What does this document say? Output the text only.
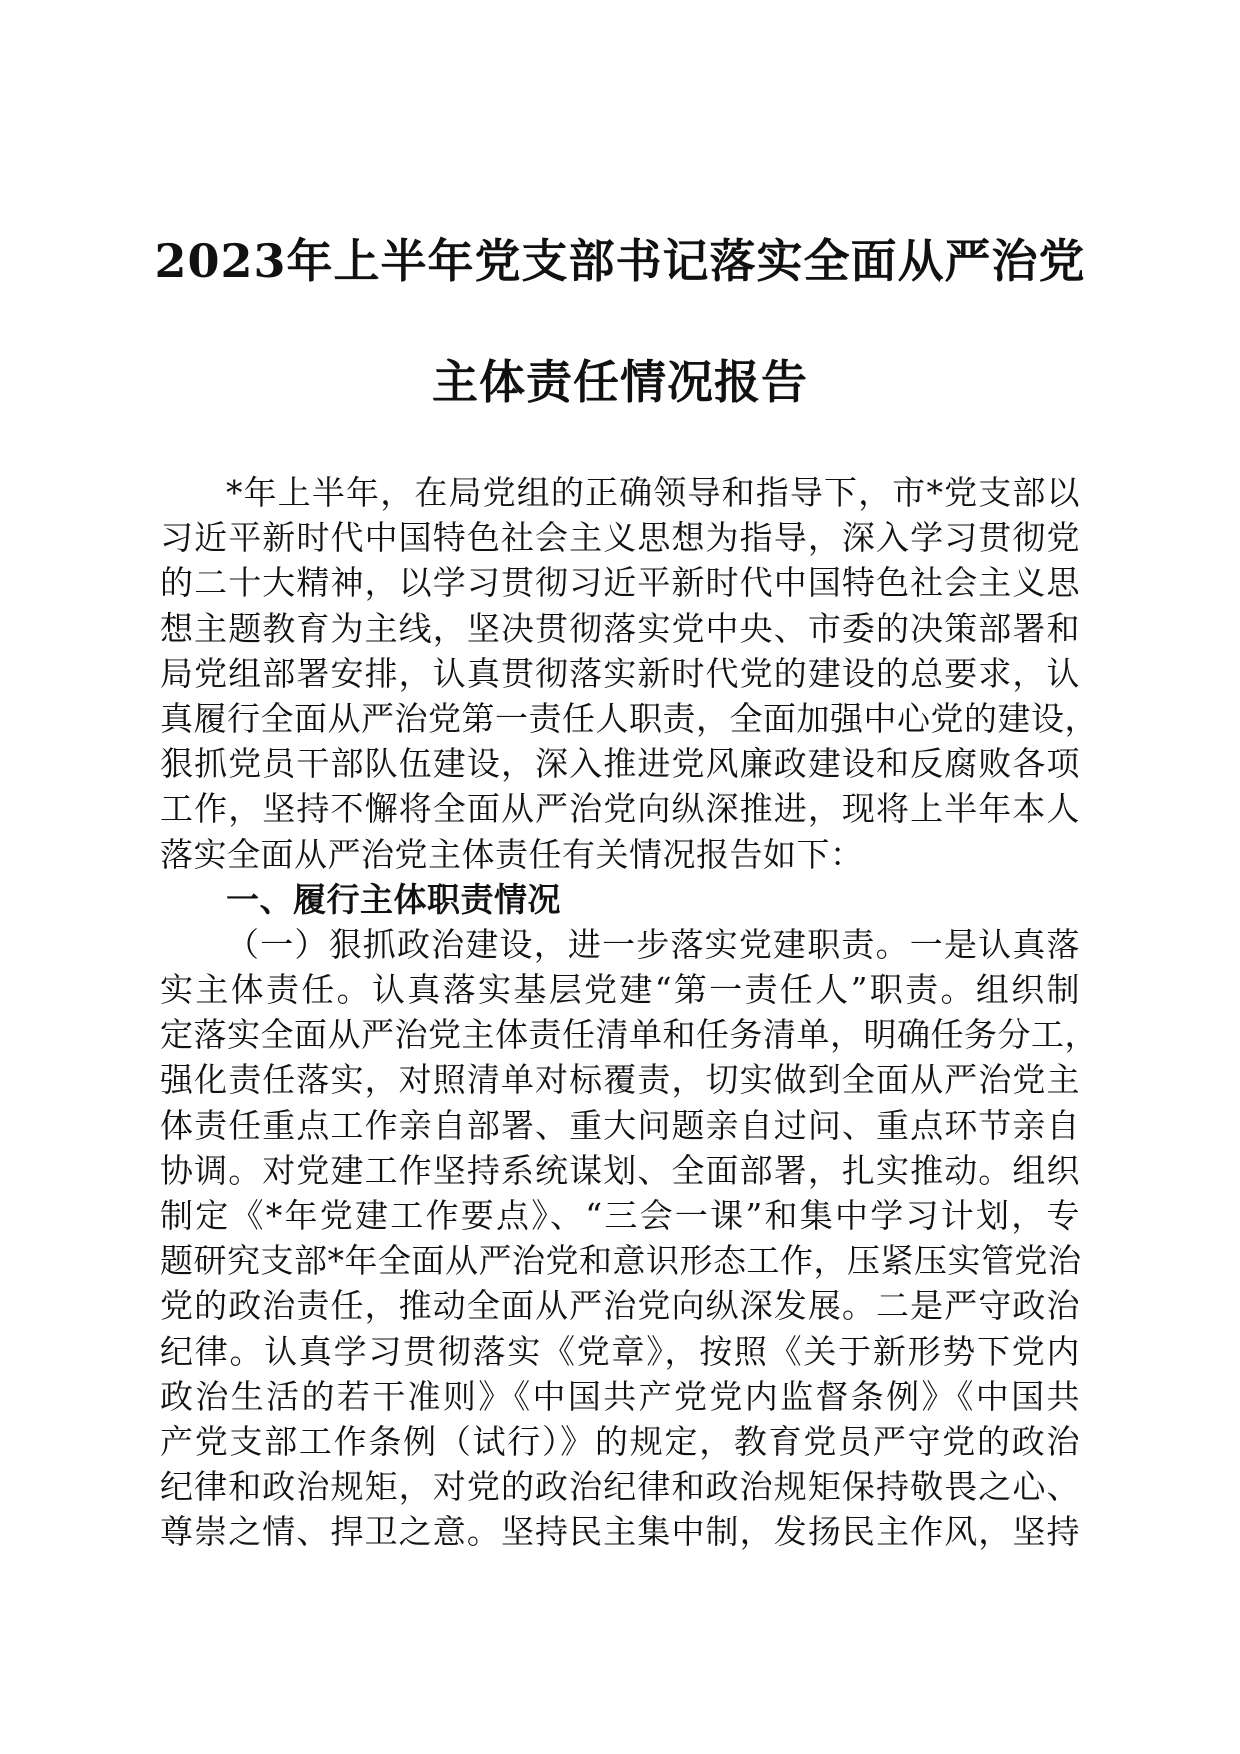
2023年上半年党支部书记落实全面从严治党
主体责任情况报告
*年上半年，在局党组的正确领导和指导下，市*党支部以
习近平新时代中国特色社会主义思想为指导，深入学习贯彻党
的二十大精神，以学习贯彻习近平新时代中国特色社会主义思
想主题教育为主线，坚决贯彻落实党中央、市委的决策部署和
局党组部署安排，认真贯彻落实新时代党的建设的总要求，认
真履行全面从严治党第一责任人职责，全面加强中心党的建设，
狠抓党员干部队伍建设，深入推进党风廉政建设和反腐败各项
工作，坚持不懈将全面从严治党向纵深推进，现将上半年本人
落实全面从严治党主体责任有关情况报告如下：
一、履行主体职责情况
（一）狠抓政治建设，进一步落实党建职责。一是认真落
实主体责任。认真落实基层党建“第一责任人”职责。组织制
定落实全面从严治党主体责任清单和任务清单，明确任务分工，
强化责任落实，对照清单对标覆责，切实做到全面从严治党主
体责任重点工作亲自部署、重大问题亲自过问、重点环节亲自
协调。对党建工作坚持系统谋划、全面部署，扎实推动。组织
制定《*年党建工作要点》、“三会一课”和集中学习计划，专
题研究支部*年全面从严治党和意识形态工作，压紧压实管党治
党的政治责任，推动全面从严治党向纵深发展。二是严守政治
纪律。认真学习贯彻落实《党章》，按照《关于新形势下党内
政治生活的若干准则》《中国共产党党内监督条例》《中国共
产党支部工作条例（试行）》的规定，教育党员严守党的政治
纪律和政治规矩，对党的政治纪律和政治规矩保持敬畏之心、
尊崇之情、捍卫之意。坚持民主集中制，发扬民主作风，坚持
